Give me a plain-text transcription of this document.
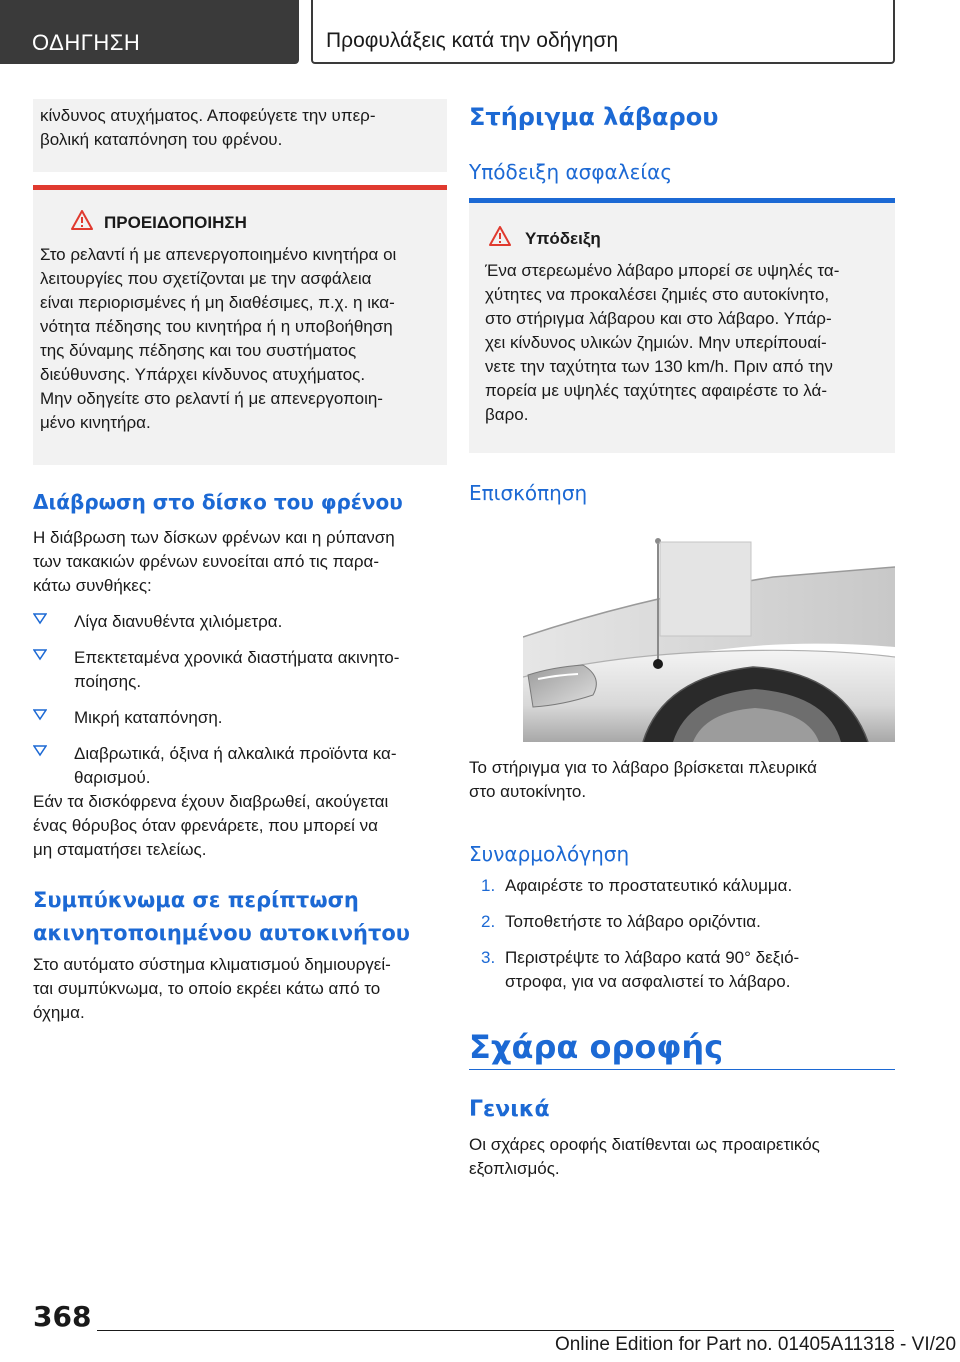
ΟΔΗΓΗΣΗ	Προφυλάξεις κατά την οδήγηση
κίνδυνος ατυχήματος. Αποφεύγετε την υπερ-
βολική καταπόνηση του φρένου.
ΠΡΟΕΙΔΟΠΟΙΗΣΗ
Στο ρελαντί ή με απενεργοποιημένο κινητήρα οι
λειτουργίες που σχετίζονται με την ασφάλεια
είναι περιορισμένες ή μη διαθέσιμες, π.χ. η ικα-
νότητα πέδησης του κινητήρα ή η υποβοήθηση
της δύναμης πέδησης και του συστήματος
διεύθυνσης. Υπάρχει κίνδυνος ατυχήματος.
Μην οδηγείτε στο ρελαντί ή με απενεργοποιη-
μένο κινητήρα.
Διάβρωση στο δίσκο του φρένου
Η διάβρωση των δίσκων φρένων και η ρύπανση
των τακακιών φρένων ευνοείται από τις παρα-
κάτω συνθήκες:
Λίγα διανυθέντα χιλιόμετρα.
Επεκτεταμένα χρονικά διαστήματα ακινητο-
ποίησης.
Μικρή καταπόνηση.
Διαβρωτικά, όξινα ή αλκαλικά προϊόντα κα-
θαρισμού.
Εάν τα δισκόφρενα έχουν διαβρωθεί, ακούγεται
ένας θόρυβος όταν φρενάρετε, που μπορεί να
μη σταματήσει τελείως.
Συμπύκνωμα σε περίπτωση
ακινητοποιημένου αυτοκινήτου
Στο αυτόματο σύστημα κλιματισμού δημιουργεί-
ται συμπύκνωμα, το οποίο εκρέει κάτω από το
όχημα.
Στήριγμα λάβαρου
Υπόδειξη ασφαλείας
Υπόδειξη
Ένα στερεωμένο λάβαρο μπορεί σε υψηλές τα-
χύτητες να προκαλέσει ζημιές στο αυτοκίνητο,
στο στήριγμα λάβαρου και στο λάβαρο. Υπάρ-
χει κίνδυνος υλικών ζημιών. Μην υπερίπουαί-
νετε την ταχύτητα των 130 km/h. Πριν από την
πορεία με υψηλές ταχύτητες αφαιρέστε το λά-
βαρο.
Επισκόπηση
Το στήριγμα για το λάβαρο βρίσκεται πλευρικά
στο αυτοκίνητο.
Συναρμολόγηση
1. Αφαιρέστε το προστατευτικό κάλυμμα.
2. Τοποθετήστε το λάβαρο οριζόντια.
3. Περιστρέψτε το λάβαρο κατά 90° δεξιό-
στροφα, για να ασφαλιστεί το λάβαρο.
Σχάρα οροφής
Γενικά
Οι σχάρες οροφής διατίθενται ως προαιρετικός
εξοπλισμός.
368
Online Edition for Part no. 01405A11318 - VI/20
